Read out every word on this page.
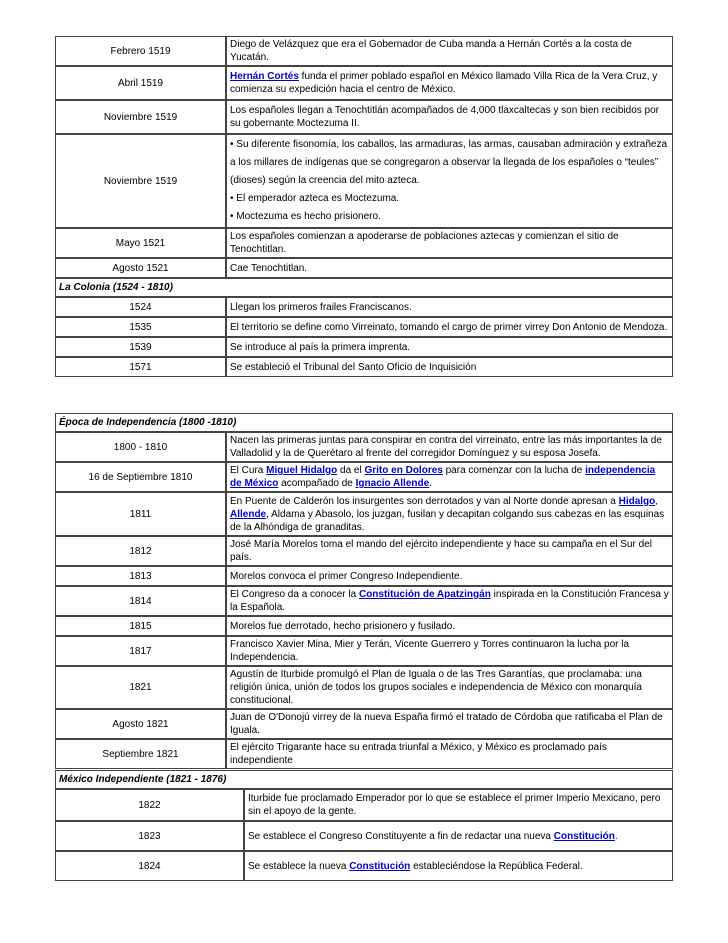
Febrero 1519	Diego de Velázquez que era el Gobernador de Cuba manda a Hernán Cortés a la costa de Yucatán.
Abril 1519	Hernán Cortés funda el primer poblado español en México llamado Villa Rica de la Vera Cruz, y comienza su expedición hacia el centro de México.
Noviembre 1519	Los españoles llegan a Tenochtitlán acompañados de 4,000 tlaxcaltecas y son bien recibidos por su gobernante Moctezuma II.
Noviembre 1519	• Su diferente fisonomía, los caballos, las armaduras, las armas, causaban admiración y extrañeza a los millares de indígenas que se congregaron a observar la llegada de los españoles o “teules” (dioses) según la creencia del mito azteca.
• El emperador azteca es Moctezuma.
• Moctezuma es hecho prisionero.

Mayo 1521	Los españoles comienzan a apoderarse de poblaciones aztecas y comienzan el sitio de Tenochtitlan.
Agosto 1521	Cae Tenochtitlan.
La Colonia (1524 - 1810)	
1524	Llegan los primeros frailes Franciscanos.
1535	El territorio se define como Virreinato, tomando el cargo de primer virrey Don Antonio de Mendoza.
1539	Se introduce al país la primera imprenta.
1571	Se estableció el Tribunal del Santo Oficio de Inquisición
Época de Independencia (1800 -1810)	
1800 - 1810	Nacen las primeras juntas para conspirar en contra del virreinato, entre las más importantes la de Valladolid y la de Querétaro al frente del corregidor Domínguez y su esposa Josefa.
16 de Septiembre 1810	El Cura Miguel Hidalgo da el Grito en Dolores para comenzar con la lucha de independencia de México acompañado de Ignacio Allende.
1811	En Puente de Calderón los insurgentes son derrotados y van al Norte donde apresan a Hidalgo, Allende, Aldama y Abasolo, los juzgan, fusilan y decapitan colgando sus cabezas en las esquinas de la Alhóndiga de granaditas.
1812	José María Morelos toma el mando del ejército independiente y hace su campaña en el Sur del país.
1813	Morelos convoca el primer Congreso Independiente.
1814	El Congreso da a conocer la Constitución de Apatzingán inspirada en la Constitución Francesa y la Española.
1815	Morelos fue derrotado, hecho prisionero y fusilado.
1817	Francisco Xavier Mina, Mier y Terán, Vicente Guerrero y Torres continuaron la lucha por la Independencia.
1821	Agustín de Iturbide promulgó el Plan de Iguala o de las Tres Garantías, que proclamaba: una religión única, unión de todos los grupos sociales e independencia de México con monarquía constitucional.
Agosto 1821	Juan de O'Donojú virrey de la nueva España firmó el tratado de Córdoba que ratificaba el Plan de Iguala.
Septiembre 1821	El ejército Trigarante hace su entrada triunfal a México, y México es proclamado país independiente
México Independiente (1821 - 1876)	
1822	Iturbide fue proclamado Emperador por lo que se establece el primer Imperio Mexicano, pero sin el apoyo de la gente.
1823	Se establece el Congreso Constituyente a fin de redactar una nueva Constitución.
1824	Se establece la nueva Constitución estableciéndose la República Federal.
